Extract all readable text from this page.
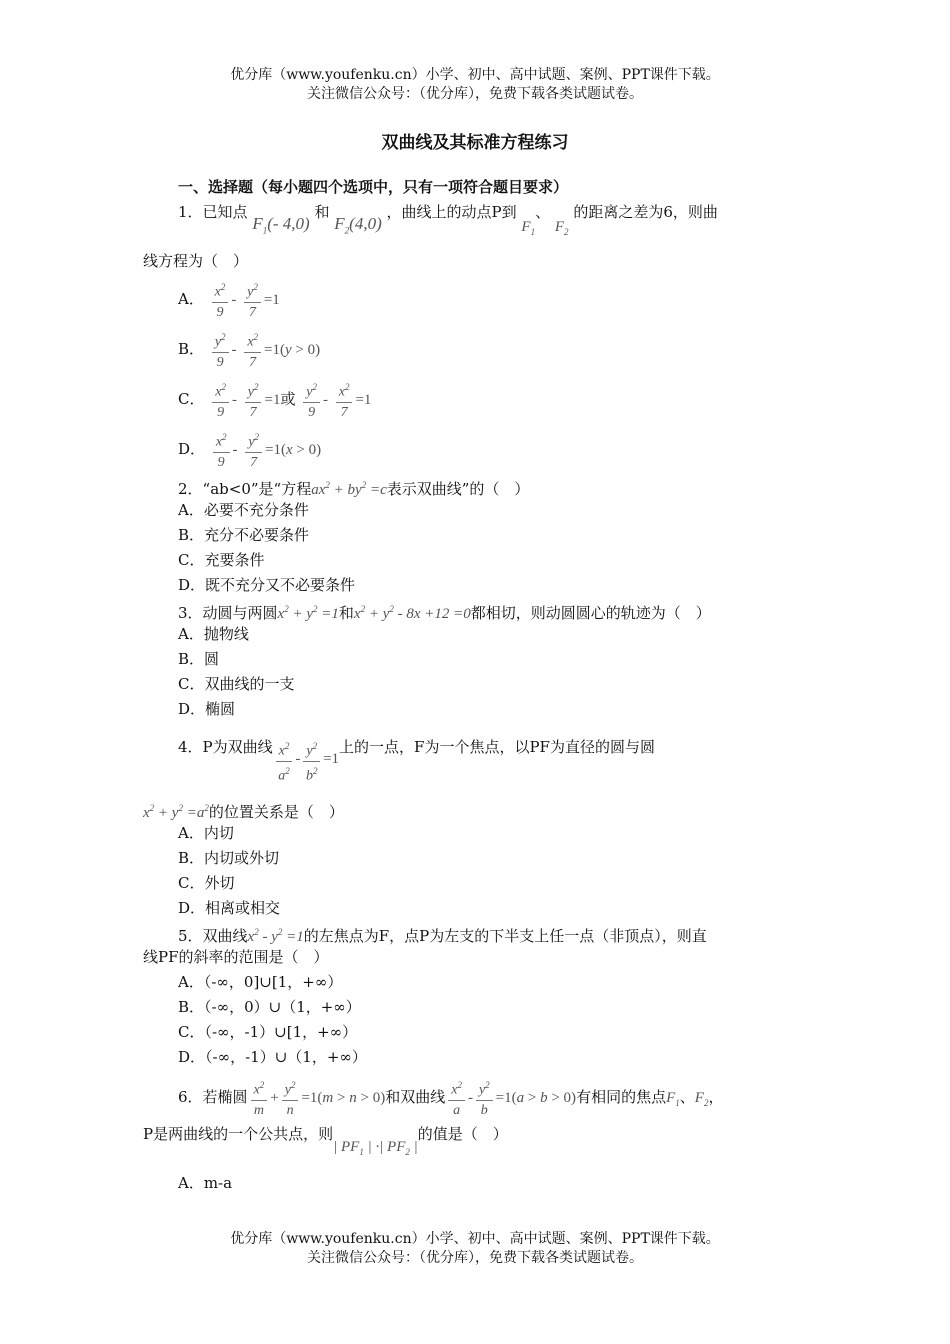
优分库（www.youfenku.cn）小学、初中、高中试题、案例、PPT课件下载。
关注微信公众号：（优分库），免费下载各类试题试卷。
双曲线及其标准方程练习
一、选择题（每小题四个选项中，只有一项符合题目要求）
1．已知点 $F_1(-$ 4,0) 和 $F_2(4,0)$ ，曲线上的动点P到 $F_1$、 $F_2$ 的距离之差为6，则曲
线方程为（　）
A． $\frac{x^2}{9} - \frac{y^2}{7} =1$
B． $\frac{y^2}{9} - \frac{x^2}{7} =1(y > 0)$
C． $\frac{x^2}{9} - \frac{y^2}{7} =1$或 $\frac{y^2}{9} - \frac{x^2}{7} =1$
D． $\frac{x^2}{9} - \frac{y^2}{7} =1(x > 0)$
2．“ab<0”是“方程$ax^2 + by^2 =c$表示双曲线”的（　）
A．必要不充分条件
B．充分不必要条件
C．充要条件
D．既不充分又不必要条件
3．动圆与两圆$x^2 + y^2 =1$和$x^2 + y^2 - 8x +12 =0$都相切，则动圆圆心的轨迹为（　）
A．抛物线
B．圆
C．双曲线的一支
D．椭圆
4．P为双曲线 $\frac{x^2}{a^2} - \frac{y^2}{b^2} =1$上的一点，F为一个焦点，以PF为直径的圆与圆
$x^2 + y^2 =a^2$的位置关系是（　）
A．内切
B．内切或外切
C．外切
D．相离或相交
5．双曲线$x^2 - y^2 =1$的左焦点为F，点P为左支的下半支上任一点（非顶点），则直
线PF的斜率的范围是（　）
A．（-∞，0]∪[1，+∞）
B．（-∞，0）∪（1，+∞）
C．（-∞，-1）∪[1，+∞）
D．（-∞，-1）∪（1，+∞）
6．若椭圆 $\frac{x^2}{m} + \frac{y^2}{n} =1(m > n > 0)$和双曲线 $\frac{x^2}{a} - \frac{y^2}{b} =1(a > b > 0)$有相同的焦点$F_1$、$F_2$，
P是两曲线的一个公共点，则| $PF_1$ | ·| $PF_2$ |的值是（　）
A．m-a
优分库（www.youfenku.cn）小学、初中、高中试题、案例、PPT课件下载。
关注微信公众号：（优分库），免费下载各类试题试卷。
